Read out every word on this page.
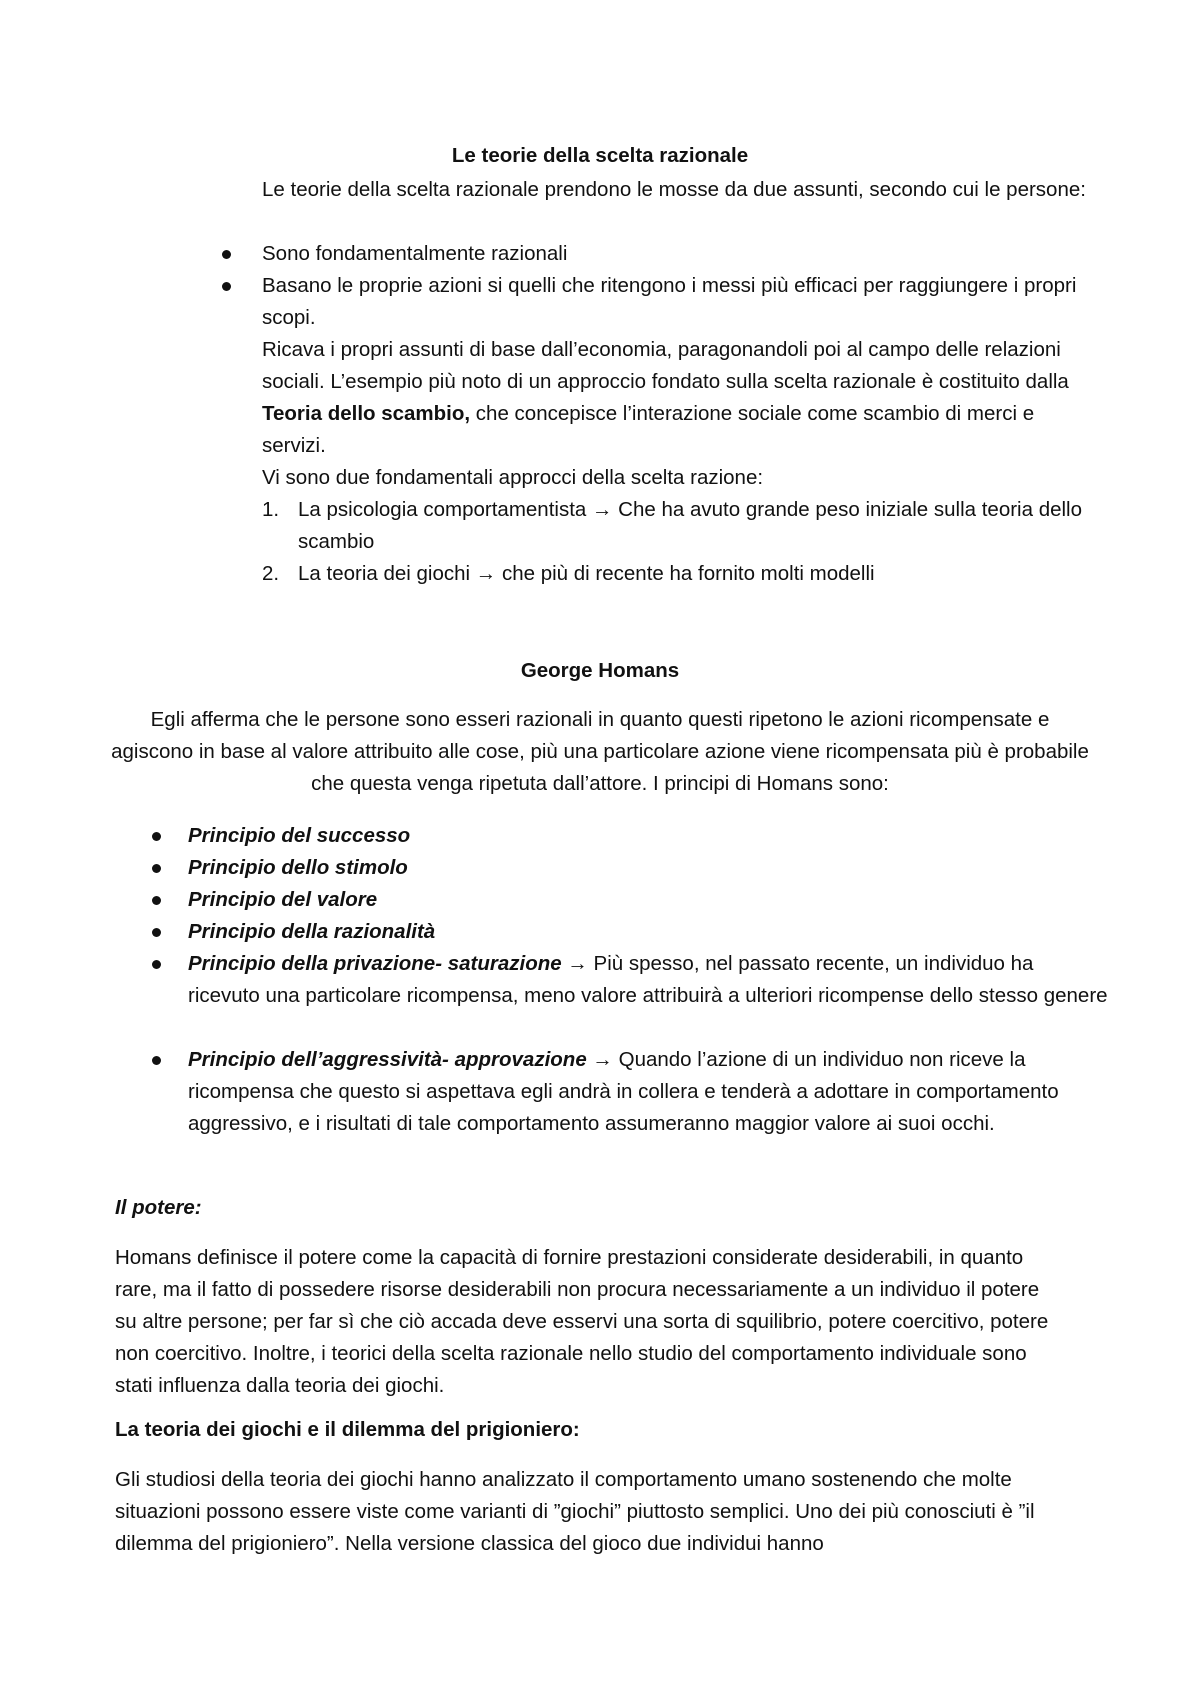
Le teorie della scelta razionale

Le teorie della scelta razionale prendono le mosse da due assunti, secondo cui le persone:

Sono fondamentalmente razionali

Basano le proprie azioni si quelli che ritengono i messi più efficaci per raggiungere i propri scopi.

Ricava i propri assunti di base dall’economia, paragonandoli poi al campo delle relazioni sociali. L’esempio più noto di un approccio fondato sulla scelta razionale è costituito dalla Teoria dello scambio, che concepisce l’interazione sociale come scambio di merci e servizi.

Vi sono due fondamentali approcci della scelta razione:

1. La psicologia comportamentista → Che ha avuto grande peso iniziale sulla teoria dello scambio

2. La teoria dei giochi → che più di recente ha fornito molti modelli

George Homans

Egli afferma che le persone sono esseri razionali in quanto questi ripetono le azioni ricompensate e agiscono in base al valore attribuito alle cose, più una particolare azione viene ricompensata più è probabile che questa venga ripetuta dall’attore. I principi di Homans sono:

Principio del successo

Principio dello stimolo

Principio del valore

Principio della razionalità

Principio della privazione- saturazione → Più spesso, nel passato recente, un individuo ha ricevuto una particolare ricompensa, meno valore attribuirà a ulteriori ricompense dello stesso genere

Principio dell’aggressività- approvazione → Quando l’azione di un individuo non riceve la ricompensa che questo si aspettava egli andrà in collera e tenderà a adottare in comportamento aggressivo, e i risultati di tale comportamento assumeranno maggior valore ai suoi occhi.

Il potere:

Homans definisce il potere come la capacità di fornire prestazioni considerate desiderabili, in quanto rare, ma il fatto di possedere risorse desiderabili non procura necessariamente a un individuo il potere su altre persone; per far sì che ciò accada deve esservi una sorta di squilibrio, potere coercitivo, potere non coercitivo. Inoltre, i teorici della scelta razionale nello studio del comportamento individuale sono stati influenza dalla teoria dei giochi.

La teoria dei giochi e il dilemma del prigioniero:

Gli studiosi della teoria dei giochi hanno analizzato il comportamento umano sostenendo che molte situazioni possono essere viste come varianti di ”giochi” piuttosto semplici. Uno dei più conosciuti è ”il dilemma del prigioniero”. Nella versione classica del gioco due individui hanno
